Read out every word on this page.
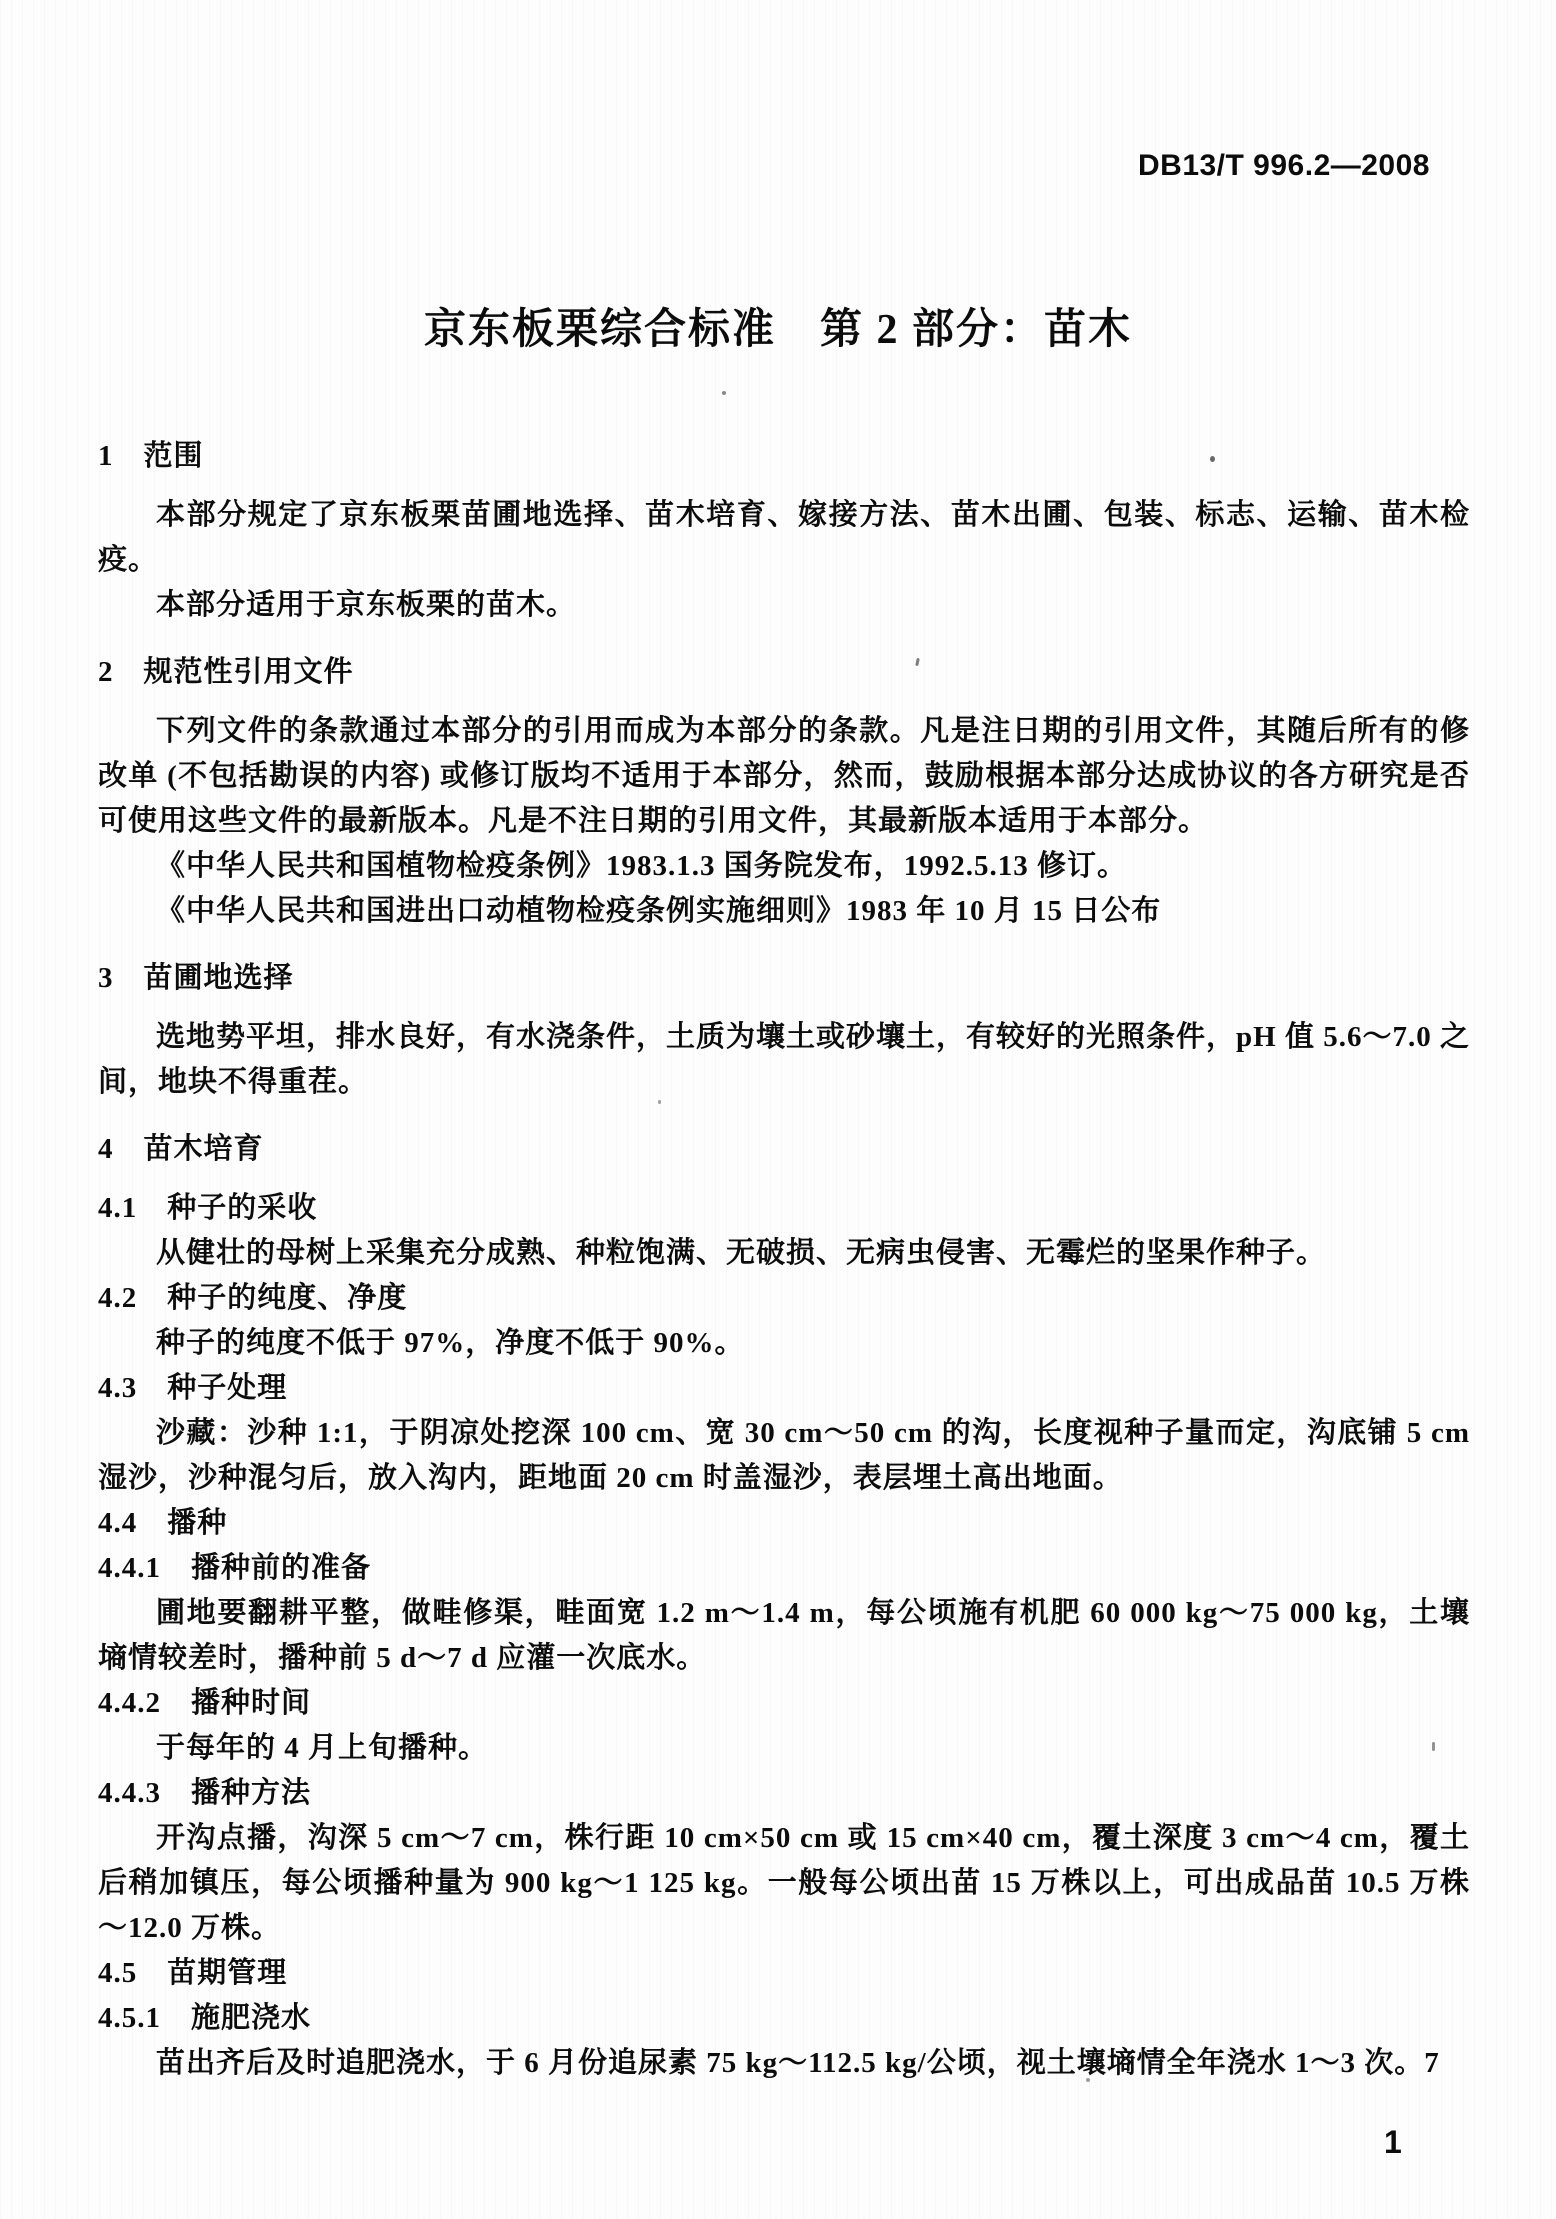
DB13/T 996.2—2008
京东板栗综合标准　第 2 部分：苗木
1　范围
本部分规定了京东板栗苗圃地选择、苗木培育、嫁接方法、苗木出圃、包装、标志、运输、苗木检疫。
本部分适用于京东板栗的苗木。
2　规范性引用文件
下列文件的条款通过本部分的引用而成为本部分的条款。凡是注日期的引用文件，其随后所有的修改单 (不包括勘误的内容) 或修订版均不适用于本部分，然而，鼓励根据本部分达成协议的各方研究是否可使用这些文件的最新版本。凡是不注日期的引用文件，其最新版本适用于本部分。
《中华人民共和国植物检疫条例》1983.1.3 国务院发布，1992.5.13 修订。
《中华人民共和国进出口动植物检疫条例实施细则》1983 年 10 月 15 日公布
3　苗圃地选择
选地势平坦，排水良好，有水浇条件，土质为壤土或砂壤土，有较好的光照条件，pH 值 5.6～7.0 之间，地块不得重茬。
4　苗木培育
4.1　种子的采收
从健壮的母树上采集充分成熟、种粒饱满、无破损、无病虫侵害、无霉烂的坚果作种子。
4.2　种子的纯度、净度
种子的纯度不低于 97%，净度不低于 90%。
4.3　种子处理
沙藏：沙种 1:1，于阴凉处挖深 100 cm、宽 30 cm～50 cm 的沟，长度视种子量而定，沟底铺 5 cm 湿沙，沙种混匀后，放入沟内，距地面 20 cm 时盖湿沙，表层埋土高出地面。
4.4　播种
4.4.1　播种前的准备
圃地要翻耕平整，做畦修渠，畦面宽 1.2 m～1.4 m，每公顷施有机肥 60 000 kg～75 000 kg，土壤墒情较差时，播种前 5 d～7 d 应灌一次底水。
4.4.2　播种时间
于每年的 4 月上旬播种。
4.4.3　播种方法
开沟点播，沟深 5 cm～7 cm，株行距 10 cm×50 cm 或 15 cm×40 cm，覆土深度 3 cm～4 cm，覆土后稍加镇压，每公顷播种量为 900 kg～1 125 kg。一般每公顷出苗 15 万株以上，可出成品苗 10.5 万株～12.0 万株。
4.5　苗期管理
4.5.1　施肥浇水
苗出齐后及时追肥浇水，于 6 月份追尿素 75 kg～112.5 kg/公顷，视土壤墒情全年浇水 1～3 次。7
1
